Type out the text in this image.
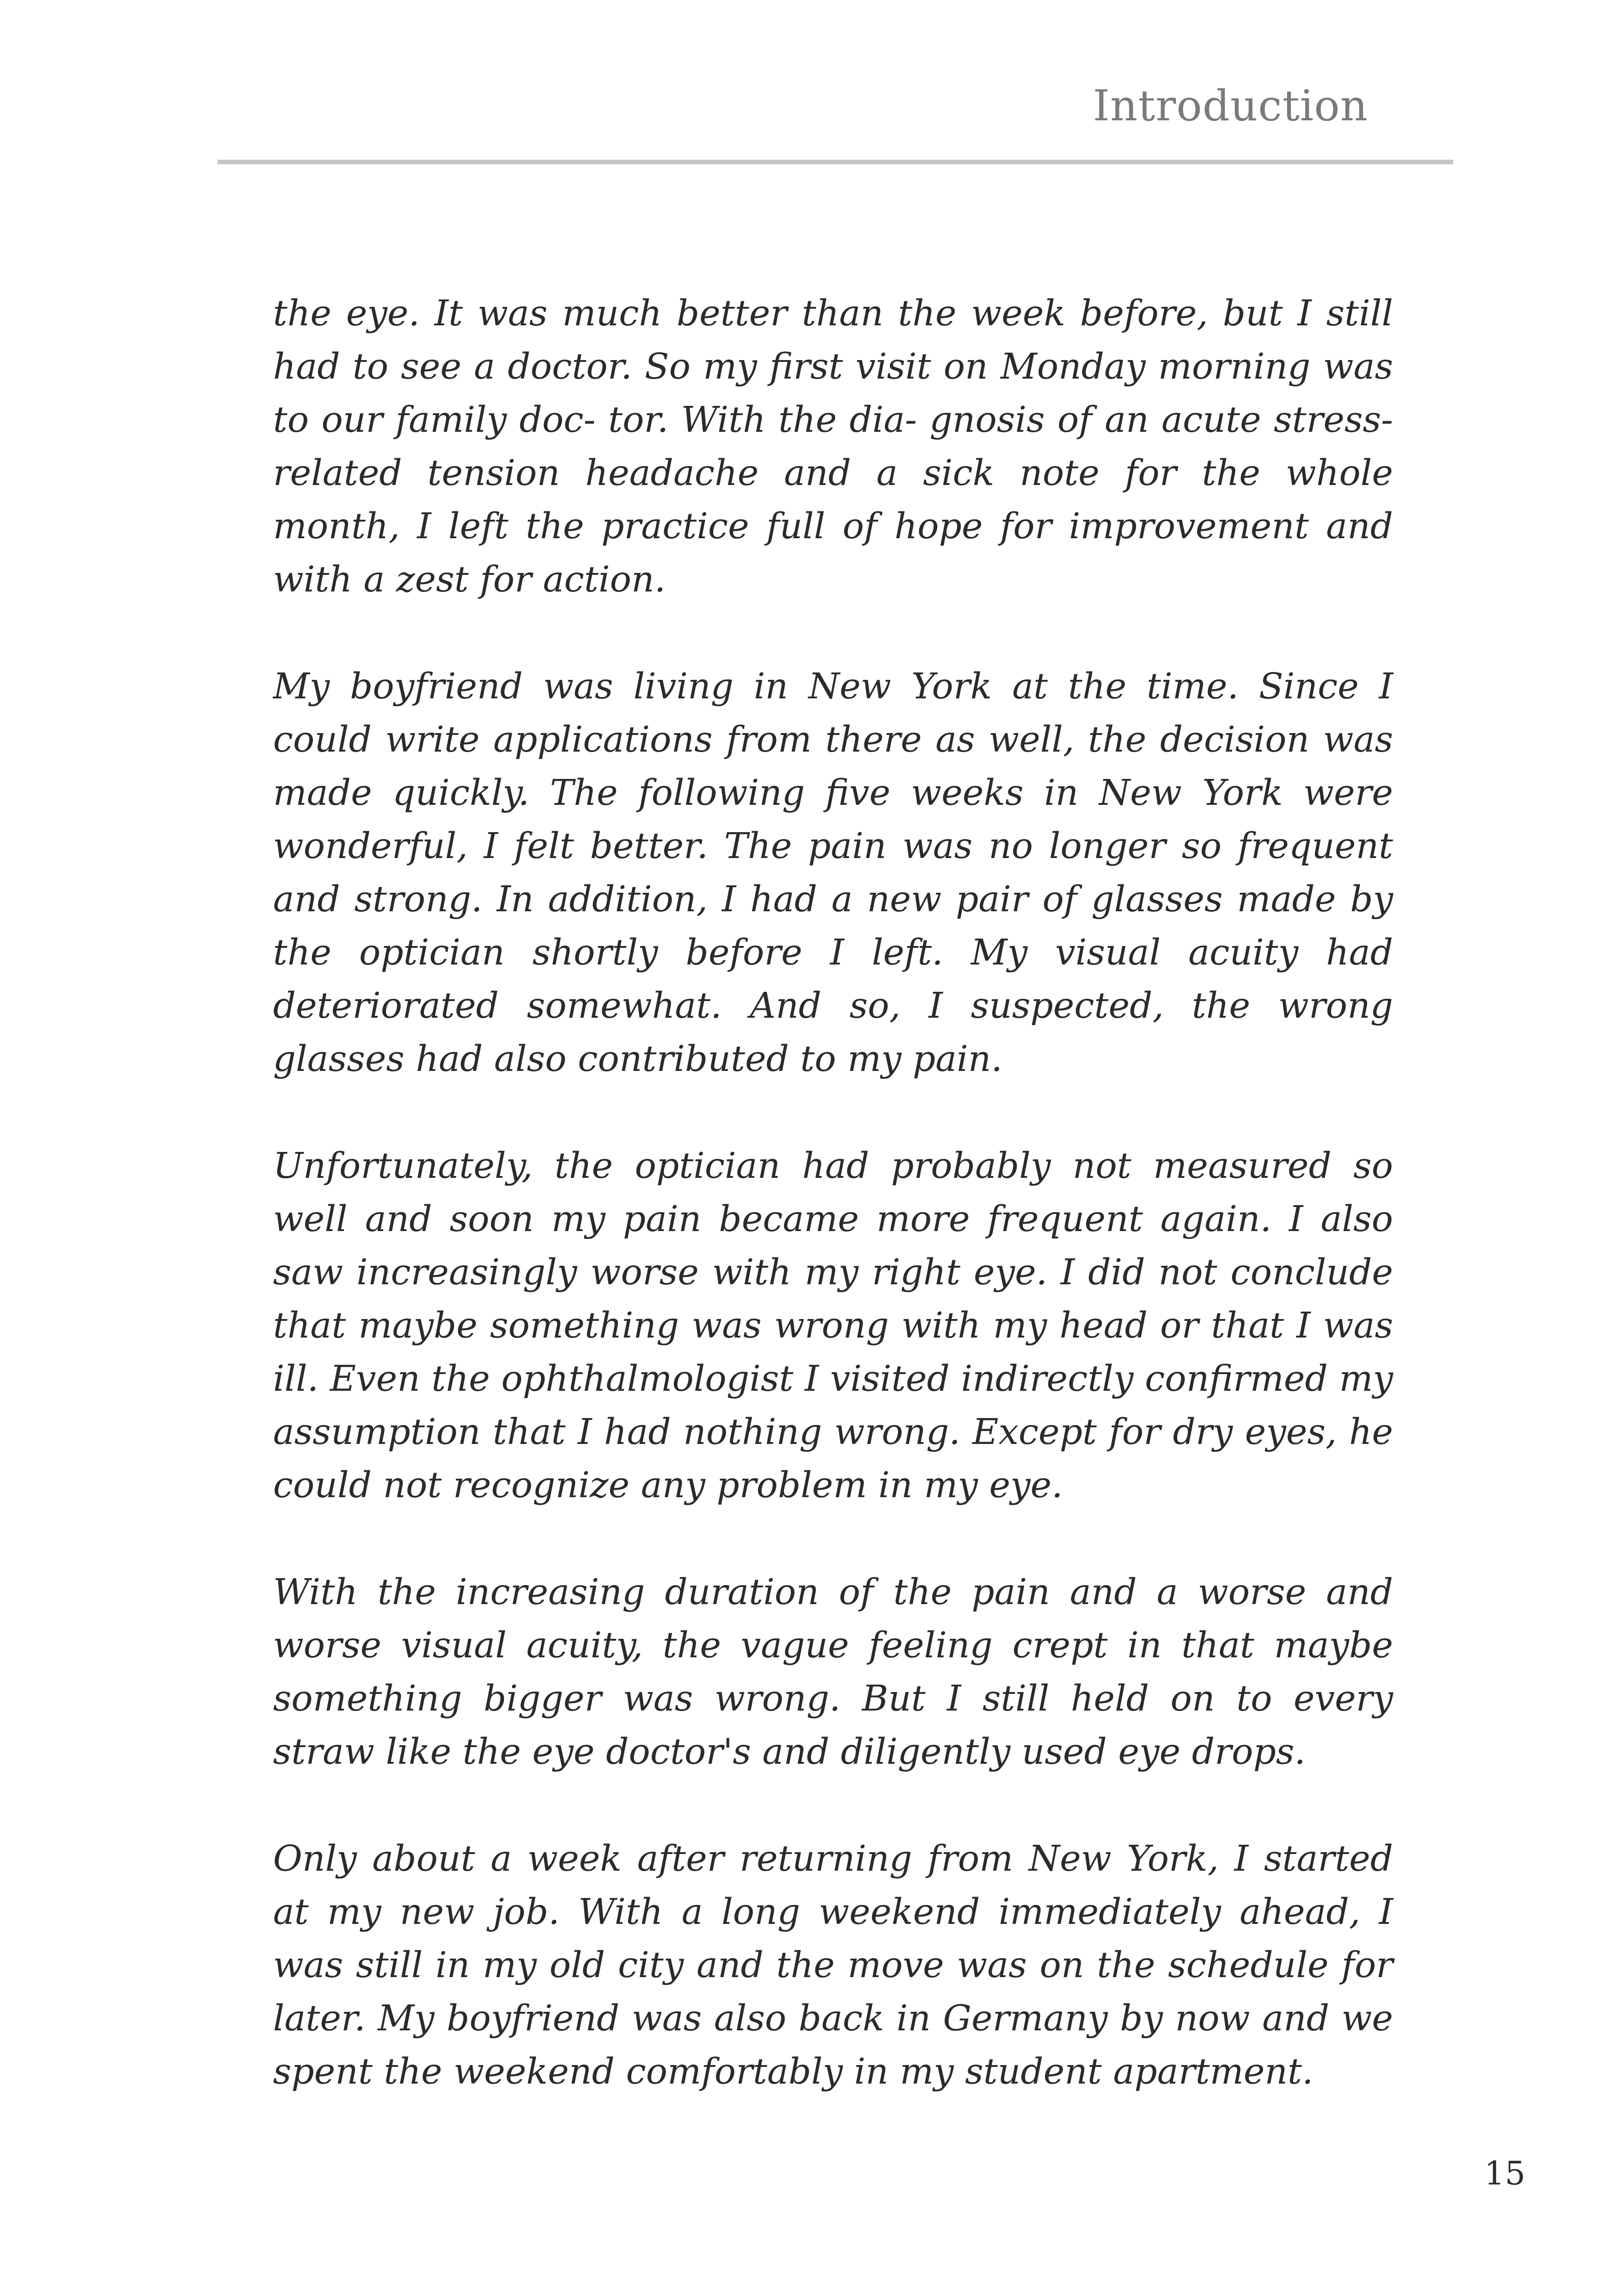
Introduction

the eye. It was much better than the week before, but I still had to see a doctor. So my first visit on Monday morning was to our family doc- tor. With the dia- gnosis of an acute stress-related tension headache and a sick note for the whole month, I left the practice full of hope for improvement and with a zest for action.

My boyfriend was living in New York at the time. Since I could write applications from there as well, the decision was made quickly. The following five weeks in New York were wonderful, I felt better. The pain was no longer so frequent and strong. In addition, I had a new pair of glasses made by the optician shortly before I left. My visual acuity had deteriorated somewhat. And so, I suspected, the wrong glasses had also contributed to my pain.

Unfortunately, the optician had probably not measured so well and soon my pain became more frequent again. I also saw increasingly worse with my right eye. I did not conclude that maybe something was wrong with my head or that I was ill. Even the ophthalmologist I visited indirectly confirmed my assumption that I had nothing wrong. Except for dry eyes, he could not recognize any problem in my eye.

With the increasing duration of the pain and a worse and worse visual acuity, the vague feeling crept in that maybe something bigger was wrong. But I still held on to every straw like the eye doctor's and diligently used eye drops.

Only about a week after returning from New York, I started at my new job. With a long weekend immediately ahead, I was still in my old city and the move was on the schedule for later. My boyfriend was also back in Germany by now and we spent the weekend comfortably in my student apartment.

15
